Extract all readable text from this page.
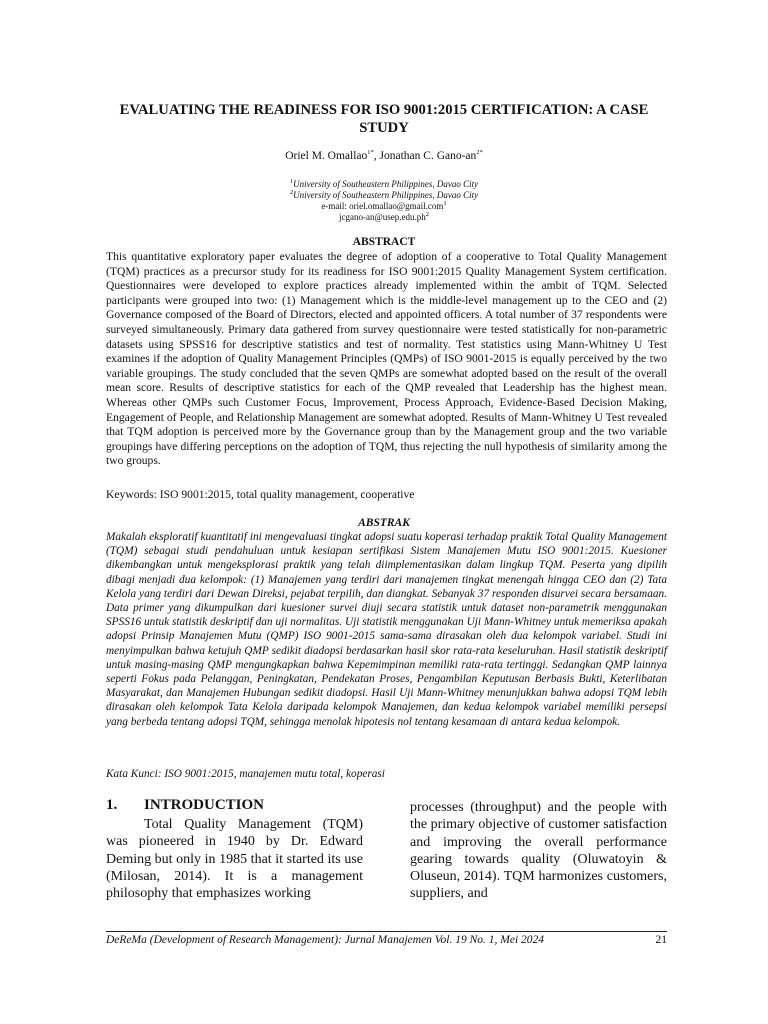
EVALUATING THE READINESS FOR ISO 9001:2015 CERTIFICATION: A CASE STUDY
Oriel M. Omallao$^{1*}$, Jonathan C. Gano-$an^{2*}$
$^1$University of Southeastern Philippines, Davao City
$^2$University of Southeastern Philippines, Davao City
e-mail: oriel.omallao@gmail.com$^1$
jcgano-$an@usep.edu.ph^2$
ABSTRACT

This quantitative exploratory paper evaluates the degree of adoption of a cooperative to Total Quality Management (TQM) practices as a precursor study for its readiness for ISO 9001:2015 Quality Management System certification. Questionnaires were developed to explore practices already implemented within the ambit of TQM. Selected participants were grouped into two: (1) Management which is the middle-level management up to the CEO and (2) Governance composed of the Board of Directors, elected and appointed officers. A total number of 37 respondents were surveyed simultaneously. Primary data gathered from survey questionnaire were tested statistically for non-parametric datasets using SPSS16 for descriptive statistics and test of normality. Test statistics using Mann-Whitney U Test examines if the adoption of Quality Management Principles (QMPs) of ISO 9001-2015 is equally perceived by the two variable groupings. The study concluded that the seven QMPs are somewhat adopted based on the result of the overall mean score. Results of descriptive statistics for each of the QMP revealed that Leadership has the highest mean. Whereas other QMPs such Customer Focus, Improvement, Process Approach, Evidence-Based Decision Making, Engagement of People, and Relationship Management are somewhat adopted. Results of Mann-Whitney U Test revealed that TQM adoption is perceived more by the Governance group than by the Management group and the two variable groupings have differing perceptions on the adoption of TQM, thus rejecting the null hypothesis of similarity among the two groups.

Keywords: ISO 9001:2015, total quality management, cooperative

ABSTRAK

Makalah eksploratif kuantitatif ini mengevaluasi tingkat adopsi suatu koperasi terhadap praktik Total Quality Management (TQM) sebagai studi pendahuluan untuk kesiapan sertifikasi Sistem Manajemen Mutu ISO 9001:2015. Kuesioner dikembangkan untuk mengeksplorasi praktik yang telah diimplementasikan dalam lingkup TQM. Peserta yang dipilih dibagi menjadi dua kelompok: (1) Manajemen yang terdiri dari manajemen tingkat menengah hingga CEO dan (2) Tata Kelola yang terdiri dari Dewan Direksi, pejabat terpilih, dan diangkat. Sebanyak 37 responden disurvei secara bersamaan. Data primer yang dikumpulkan dari kuesioner survei diuji secara statistik untuk dataset non-parametrik menggunakan SPSS16 untuk statistik deskriptif dan uji normalitas. Uji statistik menggunakan Uji Mann-Whitney untuk memeriksa apakah adopsi Prinsip Manajemen Mutu (QMP) ISO 9001-2015 sama-sama dirasakan oleh dua kelompok variabel. Studi ini menyimpulkan bahwa ketujuh QMP sedikit diadopsi berdasarkan hasil skor rata-rata keseluruhan. Hasil statistik deskriptif untuk masing-masing QMP mengungkapkan bahwa Kepemimpinan memiliki rata-rata tertinggi. Sedangkan QMP lainnya seperti Fokus pada Pelanggan, Peningkatan, Pendekatan Proses, Pengambilan Keputusan Berbasis Bukti, Keterlibatan Masyarakat, dan Manajemen Hubungan sedikit diadopsi. Hasil Uji Mann-Whitney menunjukkan bahwa adopsi TQM lebih dirasakan oleh kelompok Tata Kelola daripada kelompok Manajemen, dan kedua kelompok variabel memiliki persepsi yang berbeda tentang adopsi TQM, sehingga menolak hipotesis nol tentang kesamaan di antara kedua kelompok.

Kata Kunci: ISO 9001:2015, manajemen mutu total, koperasi

1. INTRODUCTION

Total Quality Management (TQM) was pioneered in 1940 by Dr. Edward Deming but only in 1985 that it started its use (Milosan, 2014). It is a management philosophy that emphasizes working

processes (throughput) and the people with the primary objective of customer satisfaction and improving the overall performance gearing towards quality (Oluwatoyin & Oluseun, 2014). TQM harmonizes customers, suppliers, and

DeReMa (Development of Research Management): Jurnal Manajemen Vol. 19 No. 1, Mei 2024	21
